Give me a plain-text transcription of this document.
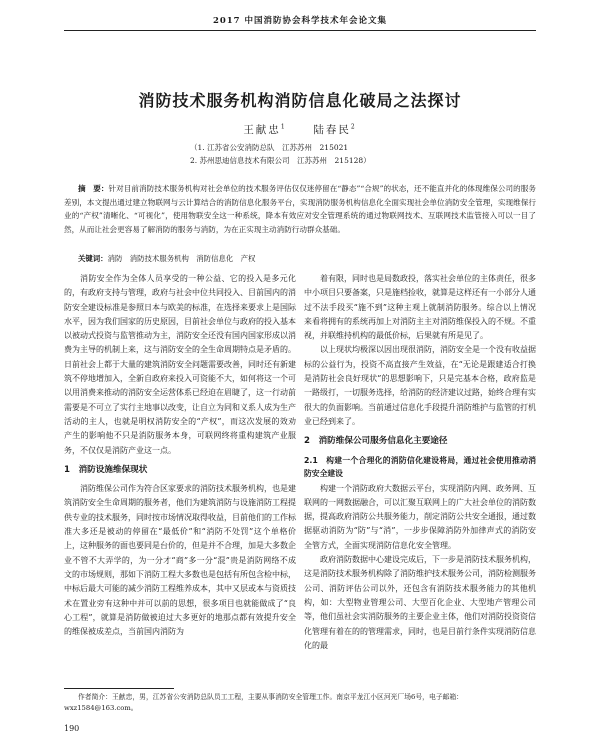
2017 中国消防协会科学技术年会论文集
消防技术服务机构消防信息化破局之法探讨
王献忠$^1$	陆春民$^2$
（1. 江苏省公安消防总队　江苏苏州　215021
2. 苏州思迪信息技术有限公司　江苏苏州　215128）
摘　要：针对目前消防技术服务机构对社会单位的技术服务评估仅仅迷停留在“静态”“合规”的状态，还不能直并化的体现维保公司的服务差别，本文提出通过建立物联网与云计算结合的消防信息化服务平台，实现消防服务机构信息化全面实现社会单位消防安全管理，实现维保行业的“产权”清晰化、“可视化”，使用物联安全这一种系统，降本有效应对安全管理系统的通过物联网技术、互联网技术监管接入可以一目了然，从而让社会更容易了解消防的服务与消防，为在正实现主动消防行动群众基础。
关键词：消防　消防技术服务机构　消防信息化　产权

消防安全作为全体人员享受的一种公益、它的投入是多元化的，有政府支持与管理，政府与社会中位共同投入、目前国内的消防安全建设标准是参照日本与欧美的标准，在选择来要求上是国际水平，因为我们国家的历史原因，目前社会单位与政府的投入基本以被动式投资与监管推动为主，消防安全还没有国内国家形成以消费为主导的机制上来，这与消防安全的全生命周期特点是矛盾的。日前社会上都于大量的建筑消防安全问题需要改善，同时还有新建筑不停地增加入，全新自政府来投入可资能不大，如何将这一个可以用消费来推动的消防安全运营体系已经迫在眉睫了，这一行动前需要是不可立了实行主地事以改变，让自立为同和义系人成为生产活动的主人，也就是明权消防安全的“产权”，而这次发展的效劝产生的影响他不只是消防服务本身，可联网终将重构建筑产业服务，不仅仅是消防产业这一点。

1　消防设施维保现状

消防维保公司作为符合区家要求的消防技术服务机构，也是建筑消防安全生命周期的服务者，他们为建筑消防与设施消防工程提供专业的技术服务，同时按市场情况取得收益，目前他们的工作标准大多还是被动的停留在“最低价”和“消防不处罚”这个单格价上，这种服务的面也要同是台价的，但是并不合理，加是大多数企业不管不大弄学的，为一分才“商”多一分“混”贵是消防网络不成文的市场规则，那如下消防工程大多数也是包括有所包含检中标，中标后最大可能的减少消防工程维养成本，其中又层或本与资质技术在置业旁有这种中并可以前的思想，很多项目也就能做成了“良心工程”，就算是消防做被迫过大多更好的地那点都有效提升安全的维保被成差点，当前国内消防为

着有限，同时也是局数政投，落实社会单位的主体责任，很多中小项目只要备案，只是施档捡收，就算是这样还有一小部分人通过不法手段买“施不到”这种主观上就制消防服务。综合以上情况来看将拥有的系统再加上对消防主主对消防维保投入的不规。不重视，并联维持机构的最低价标，后果就有所是见了。

以上现状均极深以因出现很消防，消防安全是一个没有收益据标的公益行为，投资不高直接产生效益，在“无论是跟建适合打换是消防社会良好现状”的思想影响下，只是完基本合格，政府监是一路级打，一切服务选择，给消防的经济建议过路，始终合理有实很大的负面影响。当前通过信息化手段提升消防维护与监管的打机业已经到来了。

2　消防维保公司服务信息化主要途径
2.1　构建一个合理化的消防信化建设将局，通过社会使用推动消防安全建设

构建一个消防政府大数据云平台，实现消防内网、政务网、互联网的一网数据融合，可以汇聚互联网上的广大社会单位的消防数据，提高政府消防公共服务能力，削定消防公共安全通报，通过数据驱动消防为“防”与“消”，一步步保障消防外加律声式的消防安全管方式，全面实现消防信息化安全管理。

政府消防数据中心建设完成后，下一步是消防技术服务机构，这是消防技术服务机构除了消防维护技术服务公司，消防检测服务公司、消防评估公司以外，还包含有消防技术服务能力的其他机构，如：大型物业管理公司、大型百化企业、大型地产管理公司等，他们虽社会实消防服务的主要企业主体，他们对消防投资资信化管理有着在的的管理需求，同时，也是目前行条件实现消防信息化的最

作者简介：王献忠，男，江苏省公安消防总队员工工程，主要从事消防安全管理工作。南京平龙江小区河光厂场6号，电子邮箱：wxz1584@163.com。
190
